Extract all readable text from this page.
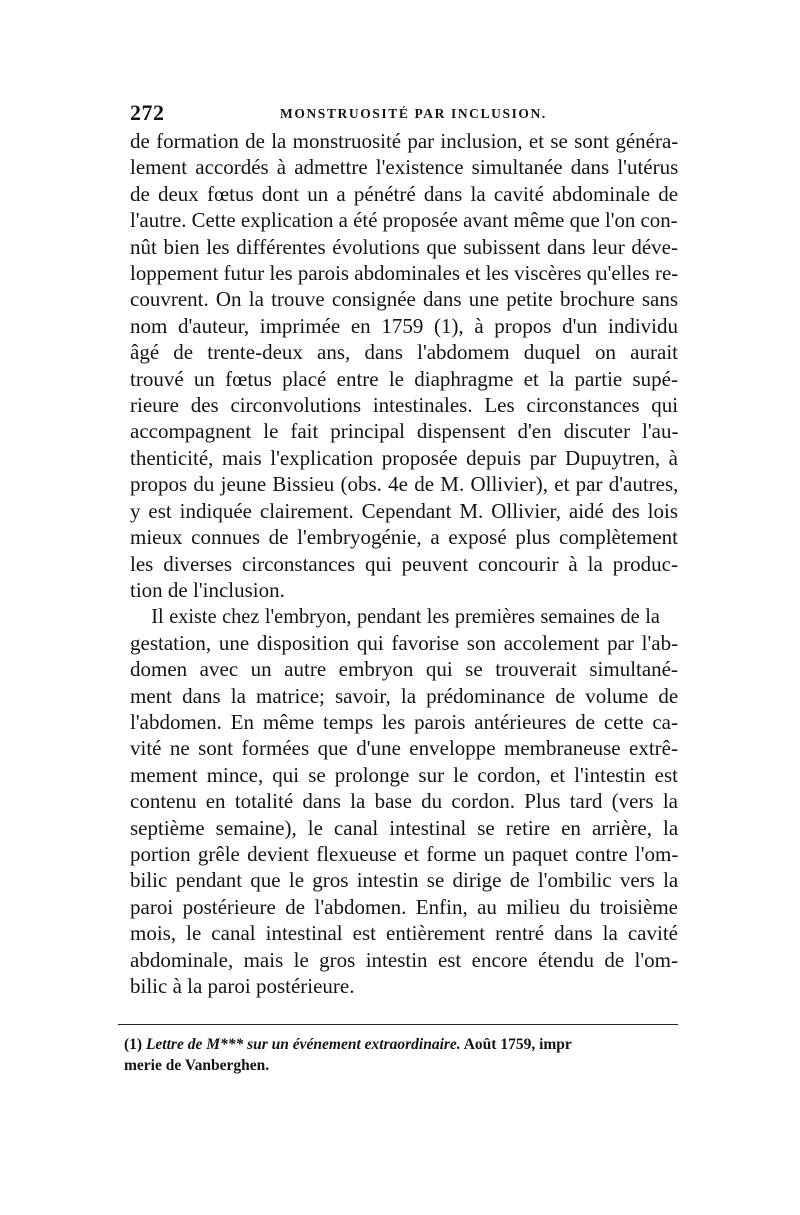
272	MONSTRUOSITÉ PAR INCLUSION.

de formation de la monstruosité par inclusion, et se sont généra-
lement accordés à admettre l'existence simultanée dans l'utérus
de deux fœtus dont un a pénétré dans la cavité abdominale de
l'autre. Cette explication a été proposée avant même que l'on con-
nût bien les différentes évolutions que subissent dans leur déve-
loppement futur les parois abdominales et les viscères qu'elles re-
couvrent. On la trouve consignée dans une petite brochure sans
nom d'auteur, imprimée en 1759 (1), à propos d'un individu
âgé de trente-deux ans, dans l'abdomem duquel on aurait
trouvé un fœtus placé entre le diaphragme et la partie supé-
rieure des circonvolutions intestinales. Les circonstances qui
accompagnent le fait principal dispensent d'en discuter l'au-
thenticité, mais l'explication proposée depuis par Dupuytren, à
propos du jeune Bissieu (obs. 4e de M. Ollivier), et par d'autres,
y est indiquée clairement. Cependant M. Ollivier, aidé des lois
mieux connues de l'embryogénie, a exposé plus complètement
les diverses circonstances qui peuvent concourir à la produc-
tion de l'inclusion.

Il existe chez l'embryon, pendant les premières semaines de la
gestation, une disposition qui favorise son accolement par l'ab-
domen avec un autre embryon qui se trouverait simultané-
ment dans la matrice; savoir, la prédominance de volume de
l'abdomen. En même temps les parois antérieures de cette ca-
vité ne sont formées que d'une enveloppe membraneuse extrê-
mement mince, qui se prolonge sur le cordon, et l'intestin est
contenu en totalité dans la base du cordon. Plus tard (vers la
septième semaine), le canal intestinal se retire en arrière, la
portion grêle devient flexueuse et forme un paquet contre l'om-
bilic pendant que le gros intestin se dirige de l'ombilic vers la
paroi postérieure de l'abdomen. Enfin, au milieu du troisième
mois, le canal intestinal est entièrement rentré dans la cavité
abdominale, mais le gros intestin est encore étendu de l'om-
bilic à la paroi postérieure.

(1) Lettre de M*** sur un événement extraordinaire. Août 1759, impr
merie de Vanberghen.
